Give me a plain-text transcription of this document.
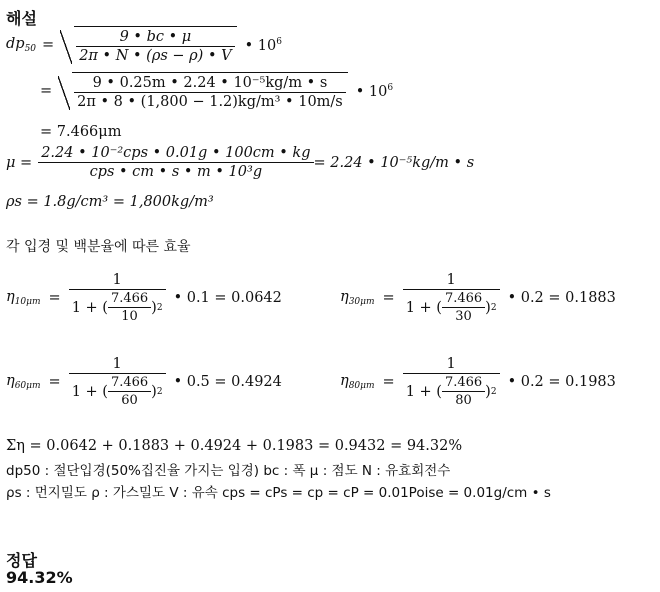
해설
$dp_{50} = \frac{9 • bc • \mu}{2\pi • N • (\rho s - \rho) • V}$ • $10^6$
= $\frac{\text{9 • 0.25m • 2.24 • 10⁻⁵kg/m • s}}{\text{2π • 8 • (1,800 − 1.2)kg/m³ • 10m/s}}$ • $10^6$
= 7.466μm
$\mu = \frac{\text{2.24 • 10⁻²cps • 0.01g • 100cm • kg}}{\text{cps • cm • s • m • 10³g}} = 2.24$ • 10⁻⁵kg/m • s
ρs = 1.8g/cm³ = 1,800kg/m³
각 입경 및 백분율에 따른 효율
$\eta_{10\mu m} = \frac{1}{1 + ( \frac{7.466}{10} ) 2}$ • 0.1 = 0.0642	$\eta_{30\mu m} = \frac{1}{1 + ( \frac{7.466}{30} ) 2}$ • 0.2 = 0.1883
$\eta_{60\mu m} = \frac{1}{1 + ( \frac{7.466}{60} ) 2}$ • 0.5 = 0.4924	$\eta_{80\mu m} = \frac{1}{1 + ( \frac{7.466}{80} ) 2}$ • 0.2 = 0.1983
Ση = 0.0642 + 0.1883 + 0.4924 + 0.1983 = 0.9432 = 94.32%
dp50 : 절단입경(50%집진율 가지는 입경) bc : 폭 μ : 점도 N : 유효회전수
ρs : 먼지밀도 ρ : 가스밀도 V : 유속 cps = cPs = cp = cP = 0.01Poise = 0.01g/cm • s
정답
94.32%
